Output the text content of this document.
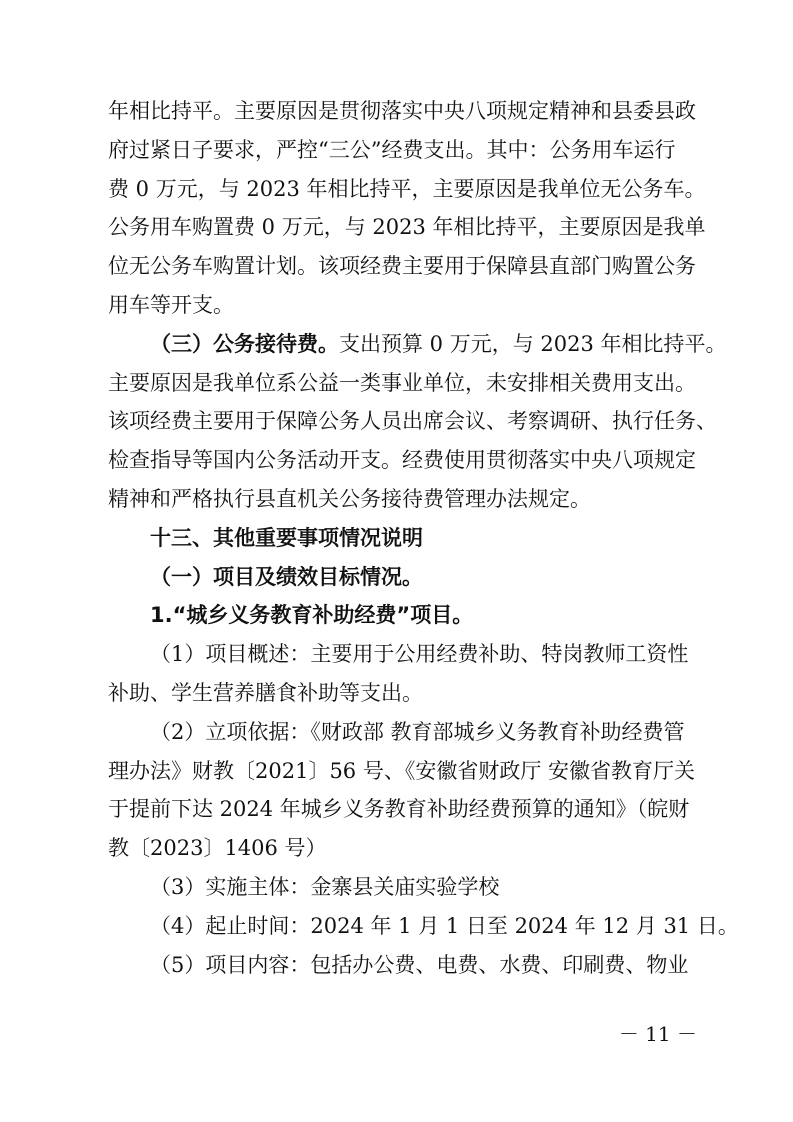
年相比持平。主要原因是贯彻落实中央八项规定精神和县委县政
府过紧日子要求，严控“三公”经费支出。其中：公务用车运行
费 0 万元，与 2023 年相比持平，主要原因是我单位无公务车。
公务用车购置费 0 万元，与 2023 年相比持平，主要原因是我单
位无公务车购置计划。该项经费主要用于保障县直部门购置公务
用车等开支。
（三）公务接待费。支出预算 0 万元，与 2023 年相比持平。
主要原因是我单位系公益一类事业单位，未安排相关费用支出。
该项经费主要用于保障公务人员出席会议、考察调研、执行任务、
检查指导等国内公务活动开支。经费使用贯彻落实中央八项规定
精神和严格执行县直机关公务接待费管理办法规定。
十三、其他重要事项情况说明
（一）项目及绩效目标情况。
1.“城乡义务教育补助经费”项目。
（1）项目概述：主要用于公用经费补助、特岗教师工资性
补助、学生营养膳食补助等支出。
（2）立项依据：《财政部 教育部城乡义务教育补助经费管
理办法》财教〔2021〕56 号、《安徽省财政厅 安徽省教育厅关
于提前下达 2024 年城乡义务教育补助经费预算的通知》（皖财
教〔2023〕1406 号）
（3）实施主体：金寨县关庙实验学校
（4）起止时间：2024 年 1 月 1 日至 2024 年 12 月 31 日。
（5）项目内容：包括办公费、电费、水费、印刷费、物业
－ 11 －
